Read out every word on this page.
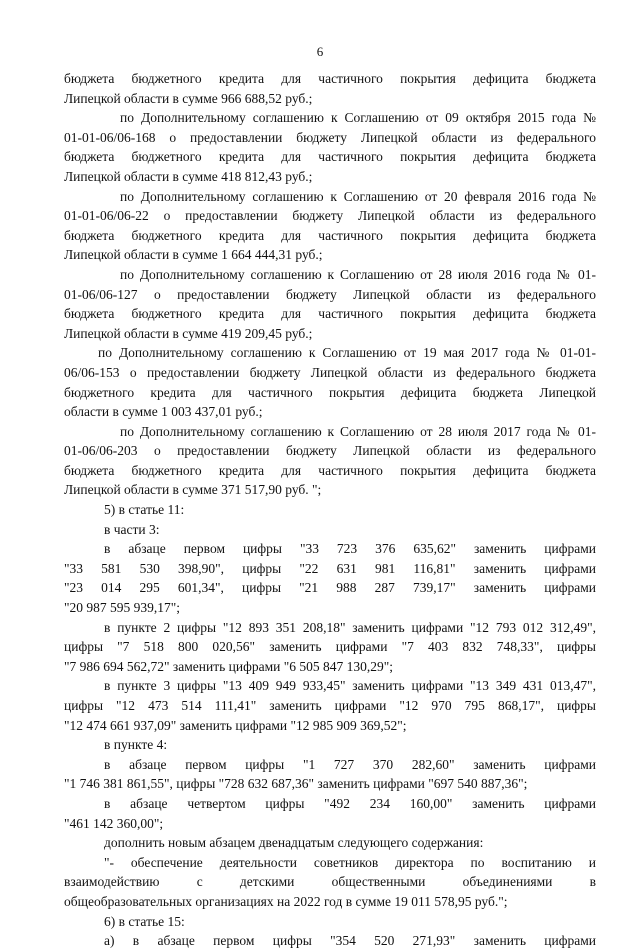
6
бюджета бюджетного кредита для частичного покрытия дефицита бюджета
Липецкой области в сумме 966 688,52 руб.;
по Дополнительному соглашению к Соглашению от 09 октября 2015 года №
01-01-06/06-168 о предоставлении бюджету Липецкой области из федерального
бюджета бюджетного кредита для частичного покрытия дефицита бюджета
Липецкой области в сумме 418 812,43 руб.;
по Дополнительному соглашению к Соглашению от 20 февраля 2016 года №
01-01-06/06-22 о предоставлении бюджету Липецкой области из федерального
бюджета бюджетного кредита для частичного покрытия дефицита бюджета
Липецкой области в сумме 1 664 444,31 руб.;
по Дополнительному соглашению к Соглашению от 28 июля 2016 года № 01-
01-06/06-127 о предоставлении бюджету Липецкой области из федерального
бюджета бюджетного кредита для частичного покрытия дефицита бюджета
Липецкой области в сумме 419 209,45 руб.;
по Дополнительному соглашению к Соглашению от 19 мая 2017 года № 01-01-
06/06-153 о предоставлении бюджету Липецкой области из федерального бюджета
бюджетного кредита для частичного покрытия дефицита бюджета Липецкой
области в сумме 1 003 437,01 руб.;
по Дополнительному соглашению к Соглашению от 28 июля 2017 года № 01-
01-06/06-203 о предоставлении бюджету Липецкой области из федерального
бюджета бюджетного кредита для частичного покрытия дефицита бюджета
Липецкой области в сумме 371 517,90 руб. ";
5) в статье 11:
в части 3:
в абзаце первом цифры "33 723 376 635,62" заменить цифрами
"33 581 530 398,90", цифры "22 631 981 116,81" заменить цифрами
"23 014 295 601,34", цифры "21 988 287 739,17" заменить цифрами
"20 987 595 939,17";
в пункте 2 цифры "12 893 351 208,18" заменить цифрами "12 793 012 312,49",
цифры "7 518 800 020,56" заменить цифрами "7 403 832 748,33", цифры
"7 986 694 562,72" заменить цифрами "6 505 847 130,29";
в пункте 3 цифры "13 409 949 933,45" заменить цифрами "13 349 431 013,47",
цифры "12 473 514 111,41" заменить цифрами "12 970 795 868,17", цифры
"12 474 661 937,09" заменить цифрами "12 985 909 369,52";
в пункте 4:
в абзаце первом цифры "1 727 370 282,60" заменить цифрами
"1 746 381 861,55", цифры "728 632 687,36" заменить цифрами "697 540 887,36";
в абзаце четвертом цифры "492 234 160,00" заменить цифрами
"461 142 360,00";
дополнить новым абзацем двенадцатым следующего содержания:
"- обеспечение деятельности советников директора по воспитанию и
взаимодействию с детскими общественными объединениями в
общеобразовательных организациях на 2022 год в сумме 19 011 578,95 руб.";
6) в статье 15:
а) в абзаце первом цифры "354 520 271,93" заменить цифрами
